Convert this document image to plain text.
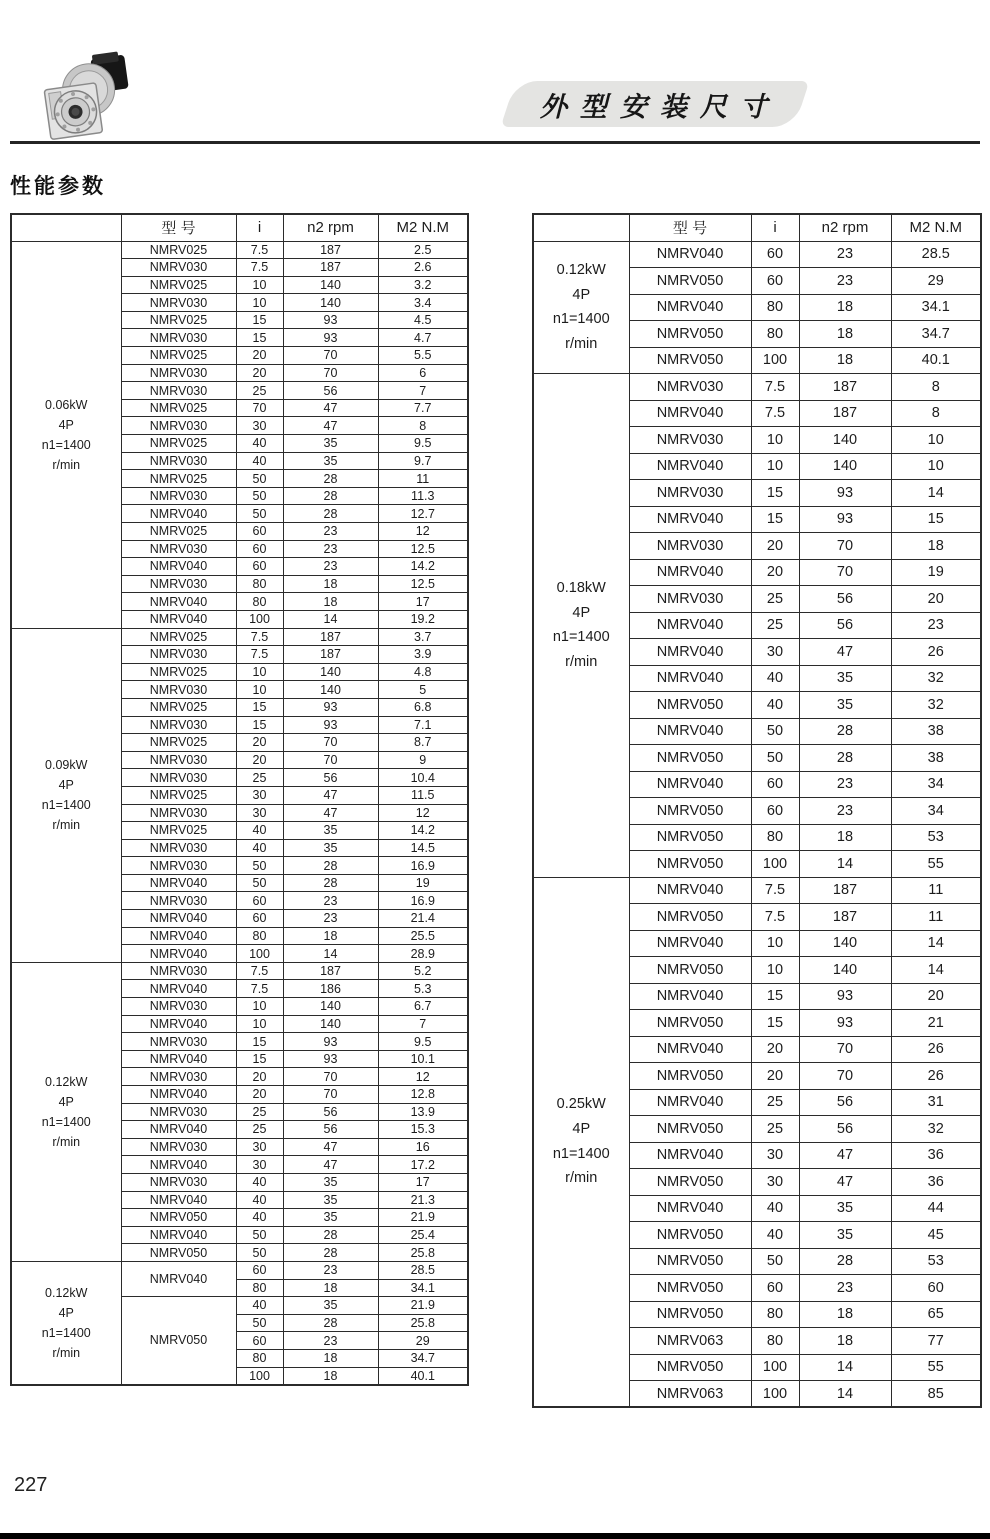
外型安装尺寸
性能参数
	型 号	i	n2 rpm	M2 N.M

0.06kW
4P
n1=1400
r/min	NMRV025	7.5	187	2.5
	NMRV030	7.5	187	2.6
	NMRV025	10	140	3.2
	NMRV030	10	140	3.4
	NMRV025	15	93	4.5
	NMRV030	15	93	4.7
	NMRV025	20	70	5.5
	NMRV030	20	70	6
	NMRV030	25	56	7
	NMRV025	70	47	7.7
	NMRV030	30	47	8
	NMRV025	40	35	9.5
	NMRV030	40	35	9.7
	NMRV025	50	28	11
	NMRV030	50	28	11.3
	NMRV040	50	28	12.7
	NMRV025	60	23	12
	NMRV030	60	23	12.5
	NMRV040	60	23	14.2
	NMRV030	80	18	12.5
	NMRV040	80	18	17
	NMRV040	100	14	19.2

0.09kW
4P
n1=1400
r/min	NMRV025	7.5	187	3.7
	NMRV030	7.5	187	3.9
	NMRV025	10	140	4.8
	NMRV030	10	140	5
	NMRV025	15	93	6.8
	NMRV030	15	93	7.1
	NMRV025	20	70	8.7
	NMRV030	20	70	9
	NMRV030	25	56	10.4
	NMRV025	30	47	11.5
	NMRV030	30	47	12
	NMRV025	40	35	14.2
	NMRV030	40	35	14.5
	NMRV030	50	28	16.9
	NMRV040	50	28	19
	NMRV030	60	23	16.9
	NMRV040	60	23	21.4
	NMRV040	80	18	25.5
	NMRV040	100	14	28.9

0.12kW
4P
n1=1400
r/min	NMRV030	7.5	187	5.2
	NMRV040	7.5	186	5.3
	NMRV030	10	140	6.7
	NMRV040	10	140	7
	NMRV030	15	93	9.5
	NMRV040	15	93	10.1
	NMRV030	20	70	12
	NMRV040	20	70	12.8
	NMRV030	25	56	13.9
	NMRV040	25	56	15.3
	NMRV030	30	47	16
	NMRV040	30	47	17.2
	NMRV030	40	35	17
	NMRV040	40	35	21.3
	NMRV050	40	35	21.9
	NMRV040	50	28	25.4
	NMRV050	50	28	25.8

0.12kW
4P
n1=1400
r/min	NMRV040	60	23	28.5
		80	18	34.1
	NMRV050	40	35	21.9
		50	28	25.8
		60	23	29
		80	18	34.7
		100	18	40.1
	型 号	i	n2 rpm	M2 N.M

0.12kW
4P
n1=1400
r/min	NMRV040	60	23	28.5
	NMRV050	60	23	29
	NMRV040	80	18	34.1
	NMRV050	80	18	34.7
	NMRV050	100	18	40.1

0.18kW
4P
n1=1400
r/min	NMRV030	7.5	187	8
	NMRV040	7.5	187	8
	NMRV030	10	140	10
	NMRV040	10	140	10
	NMRV030	15	93	14
	NMRV040	15	93	15
	NMRV030	20	70	18
	NMRV040	20	70	19
	NMRV030	25	56	20
	NMRV040	25	56	23
	NMRV040	30	47	26
	NMRV040	40	35	32
	NMRV050	40	35	32
	NMRV040	50	28	38
	NMRV050	50	28	38
	NMRV040	60	23	34
	NMRV050	60	23	34
	NMRV050	80	18	53
	NMRV050	100	14	55

0.25kW
4P
n1=1400
r/min	NMRV040	7.5	187	11
	NMRV050	7.5	187	11
	NMRV040	10	140	14
	NMRV050	10	140	14
	NMRV040	15	93	20
	NMRV050	15	93	21
	NMRV040	20	70	26
	NMRV050	20	70	26
	NMRV040	25	56	31
	NMRV050	25	56	32
	NMRV040	30	47	36
	NMRV050	30	47	36
	NMRV040	40	35	44
	NMRV050	40	35	45
	NMRV050	50	28	53
	NMRV050	60	23	60
	NMRV050	80	18	65
	NMRV063	80	18	77
	NMRV050	100	14	55
	NMRV063	100	14	85
227
